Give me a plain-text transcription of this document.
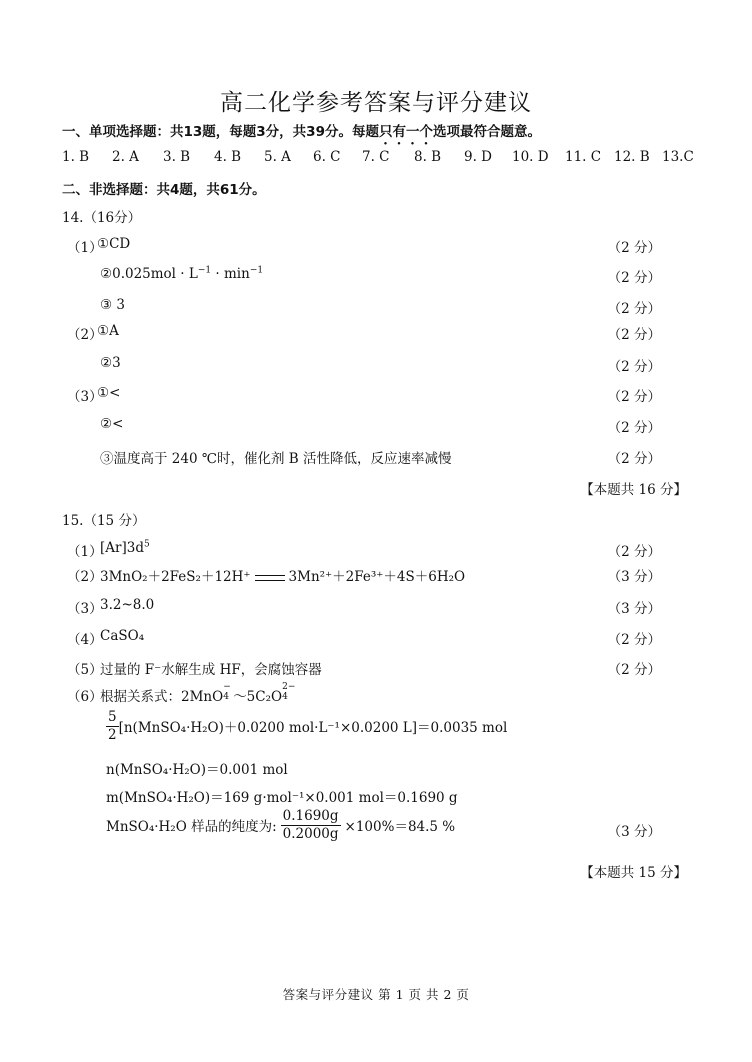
高二化学参考答案与评分建议
一、单项选择题：共13题，每题3分，共39分。每题只有一个选项最符合题意。
1. B 2. A 3. B 4. B 5. A 6. C 7. C 8. B 9. D 10. D 11. C 12. B 13.C
二、非选择题：共4题，共61分。
14.（16分）
（1）
①CD	（2 分）
②0.025mol · $L^{-1} \cdot \min^{-1}$	（2 分）
③ 3	（2 分）
（2）
①A	（2 分）
②3	（2 分）
（3）
①<	（2 分）
②<	（2 分）
③温度高于 240 ℃时，催化剂 B 活性降低，反应速率减慢	（2 分）
【本题共 16 分】
15.（15 分）
（1）
$[Ar]3d^5$	（2 分）
（2）
3MnO₂＋2FeS₂＋12H⁺	3Mn²⁺＋2Fe³⁺＋4S＋6H₂O	（3 分）
（3）
3.2~8.0	（3 分）
（4）
CaSO₄	（2 分）
（5）
过量的 F⁻水解生成 HF，会腐蚀容器	（2 分）
（6）
根据关系式：2MnO
−
4 ～5C₂O
2−
4
$\frac{5}{2}$ [n(MnSO₄·H₂O)＋0.0200 mol·L⁻¹×0.0200 L]＝0.0035 mol
n(MnSO₄·H₂O)＝0.001 mol
m(MnSO₄·H₂O)＝169 g·mol⁻¹×0.001 mol＝0.1690 g
MnSO₄·H₂O 样品的纯度为: $\frac{0.1690g}{0.2000g} \times 100\%=84.5$ %	（3 分）
【本题共 15 分】
答案与评分建议 第 1 页 共 2 页
